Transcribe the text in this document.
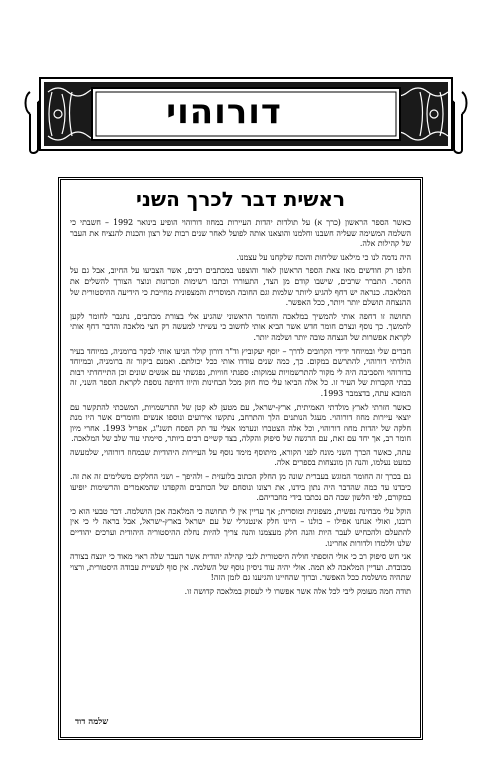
דורוהוי
ראשית דבר לכרך השני

כאשר הספר הראשון (כרך א) על תולדות יהדות העיירות במחוז דורוהוי הופיע בינואר 1992 – חשבתי כי השלמה המשימה שעליה חשבנו וחלמנו והוצאנו אותה לפועל לאחר שנים רבות של רצון והכנות להנציח את העבר של קהילות אלה.

היה נדמה לנו כי מילאנו שליחות והוכח שלקחנו על עצמנו.

חלפו רק חודשים מאז צאת הספר הראשון לאור והוצפנו במכתבים רבים, אשר הצביעו על החיוב, אבל גם על החסר. התברר שרבים, שישבו קודם מן הצד, התעוררו וכתבו רשימות וזכרונות ונוצר הצורך להשלים את המלאכה. כנראה יש דחף להגיע ליותר שלמות וגם החובה המוסרית והמצפונית מחייבת כי הידיעה ההיסטורית של ההנצחה תושלם יותר ויותר, ככל האפשר.

תחושה זו דחפה אותי להמשיך במלאכה והחומר הראשוני שהגיע אלי בצורת מכתבים, נתגבר לחומר לקען להמשך. כך נוסף ונצרם חומר חדש אשר הביא אותי לחשוב כי עשיתי למעשה רק חצי מלאכה והדבר דחף אותי לקראת אפשרות של הנצחה טובה יותר ושלמה יותר.

חברים שלי ובמיוחד ידידי הקרובים לדרך – יוסף יעקוביץ וד"ר דורון קולר הניעו אותי לבקר ברומניה, במיוחד בעיר הולדתי דורוהוי, להתרשם במקום. כך, כמה שנים עודדו אותי ככל יכולתם. ואמנם ביקור זה ברומניה, ובמיוחד בדורוהוי והסביבה היה לי מקור להתרשמויות עמוקות: ספגתי חוויות, נפגשתי עם אנשים שונים וכן התייחדתי רבות בבתי הקברות של העיר זו. כל אלה הביאו עלי כוח חזק מכל הבחינות והיוו דחיפה נוספת לקראת הספר השני, זה המובא עתה, בדצמבר 1993.

כאשר חזרתי לארץ מולדתי האמיתית, ארץ-ישראל, עם מטען לא קטן של התרשמויות, המשכתי להתקשר עם יוצאי עיירות מחוז דורוהוי. מעגל הנותנים הלך והתרחב, נתקשו אירועים ונוספו אנשים וחומרים אשר היו מנת חלקה של יהדות מחוז דורוהוי, וכל אלה הצטברו ונערמו אצלי עד תק הפסח תשנ"ג, אפריל 1993. אחרי מיון חומר רב, אך יחד עם זאת, עם הרגשה של סיפוק והקלה, בצד קשיים רבים ביותר, סיימתי עוד שלב של המלאכה.

עתה, כאשר הכרך השני מונח לפני הקורא, מיתוסף מימד נוסף על העיירות היהודיות שבמחוז דורוהוי, שלמעשה כמעט נעלמו, והנה הן מונצחות בספרים אלה.

גם בכרך זה החומר המוגש בעברית שונה מן החלק הכתוב בלועזית – ולהיפך – ושני החלקים משלימים זה את זה. כיבדנו עד כמה שהדבר היה נתון בידנו, את רצונו ונוסחם של הכותבים והקפדנו שהמאמרים והרשימות יופיעו במקורם, לפי הלשון שבה הם נכתבו בידי מחבריהם.

הוקל עלי מבחינה נפשית, מצפונית ומוסרית; אך עדיין אין לי תחושה כי המלאכה אכן הושלמה. דבר טבעי הוא כי רובנו, ואולי אנחנו אפילו – כולנו – היינו חלק אינטגרלי של עם ישראל בארץ-ישראל, אבל בראה לי כי אין להתעלם ולהכחיש לעבר היות והנה חלק מעצמנו והנה צריך להיות נחלת ההיסטוריה היהודית וערכים יהודיים שלנו וללמדו ולדורות אחרינו.

אני חש סיפוק רב כי אולי הוספתי חוליה היסטורית לגבי קהילה יהודית אשר העבר שלה ראוי מאוד כי יונצח בצורה מכובדת. ועדיין המלאכה לא תמה. אולי יהיה עוד ניסיון נוסף של השלמה. אין סוף לעשיית עבודה היסטורית, ורצוי שתהיה מושלמת ככל האפשר. וברוך שהחיינו והגיענו גם לזמן הזה!

תודה חמה מעומק ליבי לכל אלה אשר אפשרו לי לעסוק במלאכה קדושה זו.

שלמה דוד
